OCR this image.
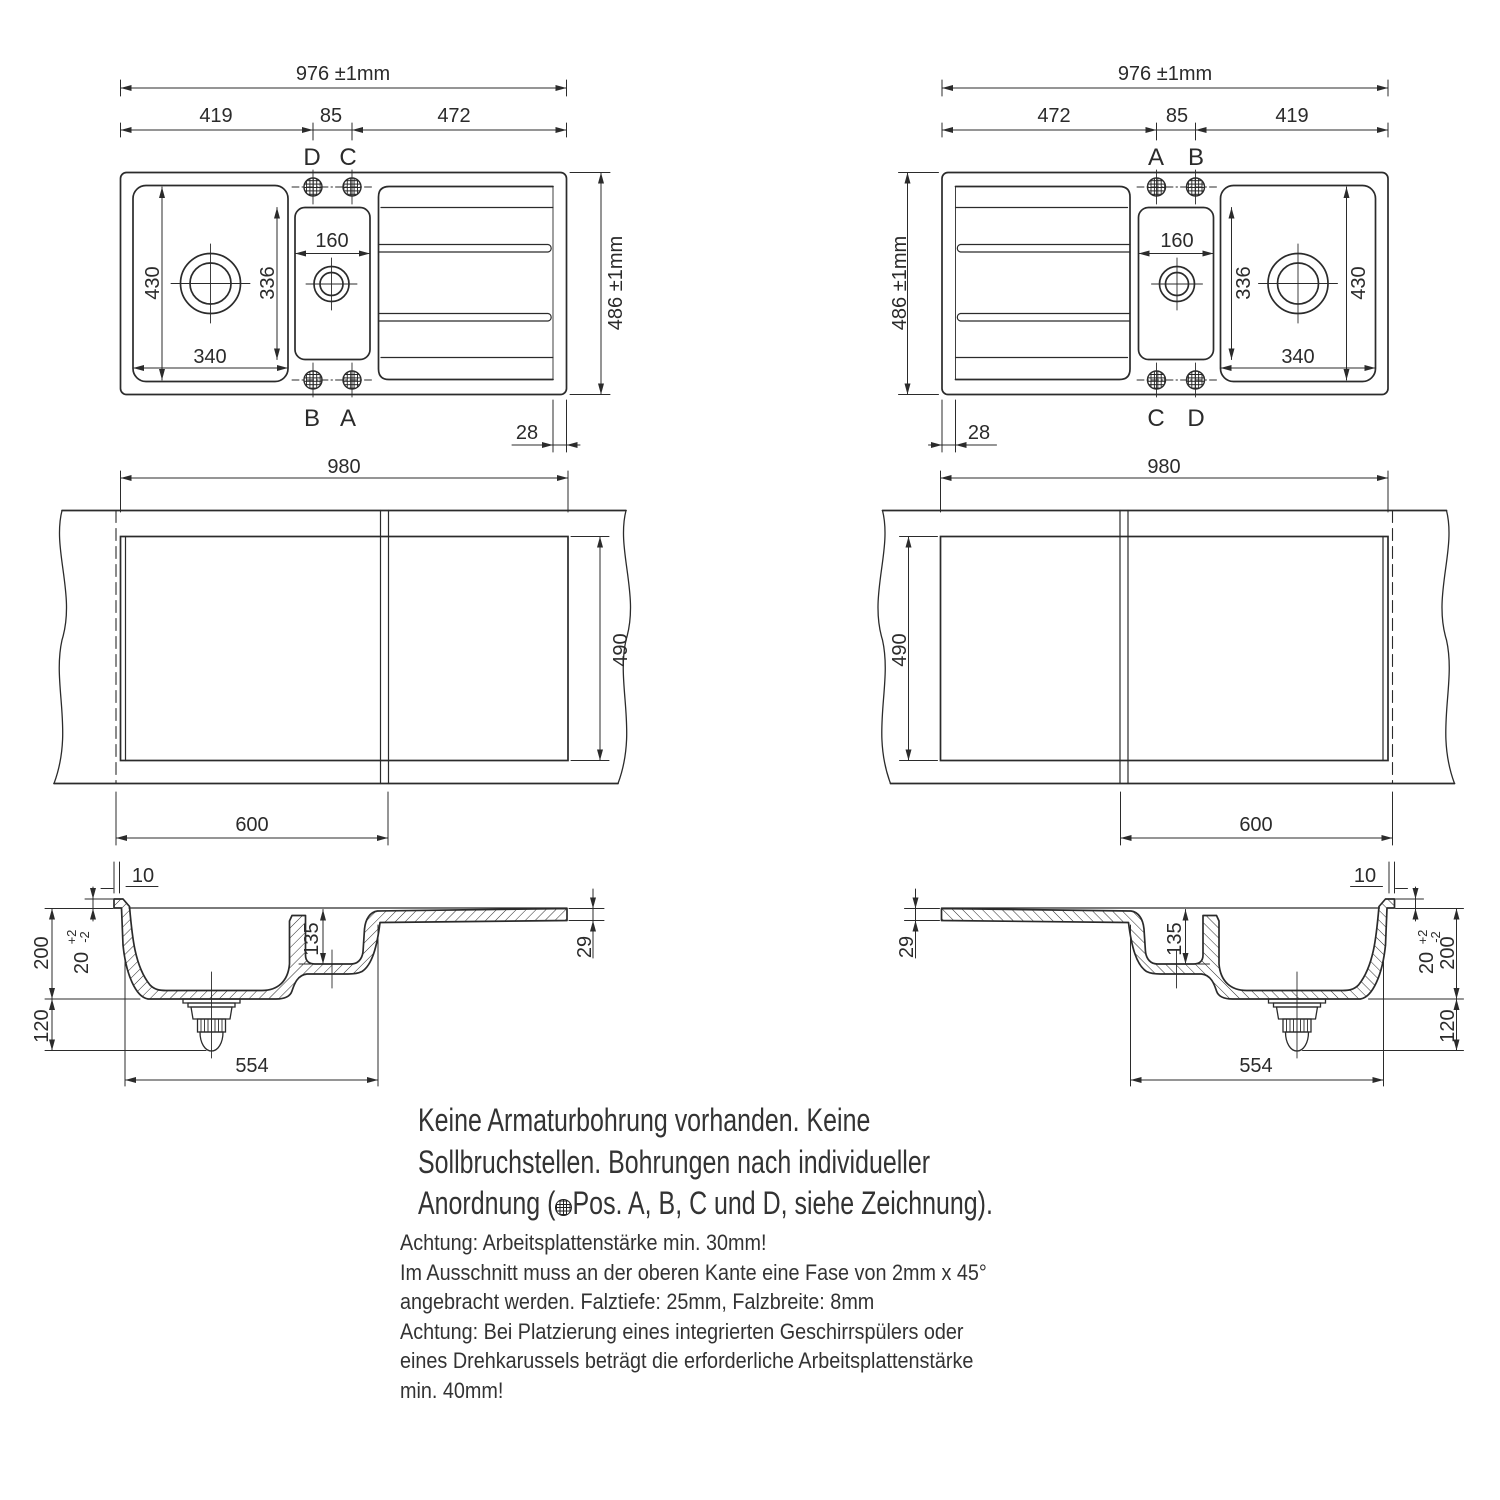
976 ±1mm
419	85	472
D C
B A
486 ±1mm
28
430
340
160
336
976 ±1mm
472	85	419
A B
C D
486 ±1mm
28
160
336	430
340
980
490
600
10
980
490
600
10
200 20
+2
-2
120
135
554
29	200
20
+2
-2
120
135
554
29
Keine Armaturbohrung vorhanden. Keine
Sollbruchstellen. Bohrungen nach individueller
Anordnung ( Pos. A, B, C und D, siehe Zeichnung).
Achtung: Arbeitsplattenstärke min. 30mm!
Im Ausschnitt muss an der oberen Kante eine Fase von 2mm x 45°
angebracht werden. Falztiefe: 25mm, Falzbreite: 8mm
Achtung: Bei Platzierung eines integrierten Geschirrspülers oder
eines Drehkarussels beträgt die erforderliche Arbeitsplattenstärke
min. 40mm!
